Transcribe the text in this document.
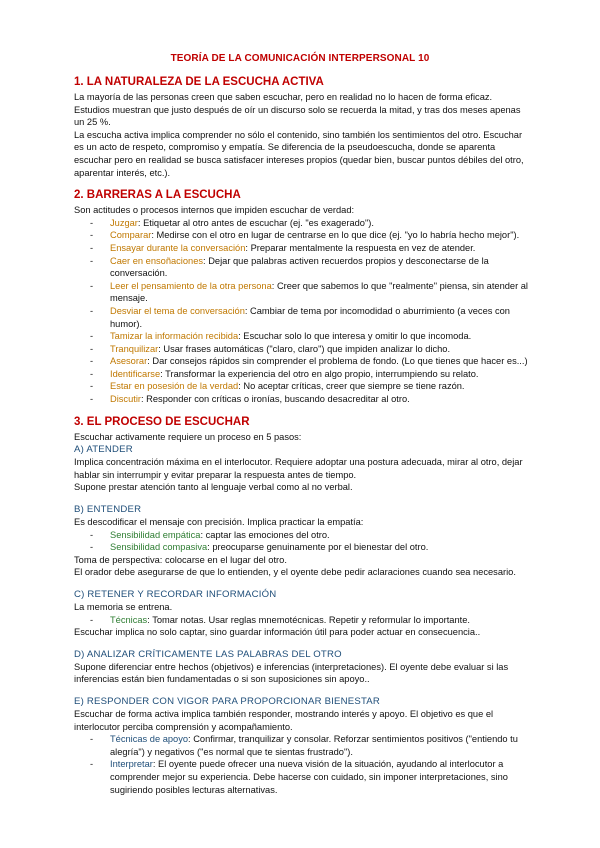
TEORÍA DE LA COMUNICACIÓN INTERPERSONAL 10
1. LA NATURALEZA DE LA ESCUCHA ACTIVA

La mayoría de las personas creen que saben escuchar, pero en realidad no lo hacen de forma eficaz. Estudios muestran que justo después de oír un discurso solo se recuerda la mitad, y tras dos meses apenas un 25 %.

La escucha activa implica comprender no sólo el contenido, sino también los sentimientos del otro. Escuchar es un acto de respeto, compromiso y empatía. Se diferencia de la pseudoescucha, donde se aparenta escuchar pero en realidad se busca satisfacer intereses propios (quedar bien, buscar puntos débiles del otro, aparentar interés, etc.).

2. BARRERAS A LA ESCUCHA

Son actitudes o procesos internos que impiden escuchar de verdad:

- Juzgar: Etiquetar al otro antes de escuchar (ej. "es exagerado").
- Comparar: Medirse con el otro en lugar de centrarse en lo que dice (ej. "yo lo habría hecho mejor").
- Ensayar durante la conversación: Preparar mentalmente la respuesta en vez de atender.
- Caer en ensoñaciones: Dejar que palabras activen recuerdos propios y desconectarse de la conversación.
- Leer el pensamiento de la otra persona: Creer que sabemos lo que "realmente" piensa, sin atender al mensaje.
- Desviar el tema de conversación: Cambiar de tema por incomodidad o aburrimiento (a veces con humor).
- Tamizar la información recibida: Escuchar solo lo que interesa y omitir lo que incomoda.
- Tranquilizar: Usar frases automáticas ("claro, claro") que impiden analizar lo dicho.
- Asesorar: Dar consejos rápidos sin comprender el problema de fondo. (Lo que tienes que hacer es...)
- Identificarse: Transformar la experiencia del otro en algo propio, interrumpiendo su relato.
- Estar en posesión de la verdad: No aceptar críticas, creer que siempre se tiene razón.
- Discutir: Responder con críticas o ironías, buscando desacreditar al otro.
3. EL PROCESO DE ESCUCHAR

Escuchar activamente requiere un proceso en 5 pasos:

A) ATENDER

Implica concentración máxima en el interlocutor. Requiere adoptar una postura adecuada, mirar al otro, dejar hablar sin interrumpir y evitar preparar la respuesta antes de tiempo.

Supone prestar atención tanto al lenguaje verbal como al no verbal.

B) ENTENDER

Es descodificar el mensaje con precisión. Implica practicar la empatía:

- Sensibilidad empática: captar las emociones del otro.
- Sensibilidad compasiva: preocuparse genuinamente por el bienestar del otro.

Toma de perspectiva: colocarse en el lugar del otro.

El orador debe asegurarse de que lo entienden, y el oyente debe pedir aclaraciones cuando sea necesario.

C) RETENER Y RECORDAR INFORMACIÓN

La memoria se entrena.

- Técnicas: Tomar notas. Usar reglas mnemotécnicas. Repetir y reformular lo importante.

Escuchar implica no solo captar, sino guardar información útil para poder actuar en consecuencia..

D) ANALIZAR CRÍTICAMENTE LAS PALABRAS DEL OTRO

Supone diferenciar entre hechos (objetivos) e inferencias (interpretaciones). El oyente debe evaluar si las inferencias están bien fundamentadas o si son suposiciones sin apoyo..

E) RESPONDER CON VIGOR PARA PROPORCIONAR BIENESTAR

Escuchar de forma activa implica también responder, mostrando interés y apoyo. El objetivo es que el interlocutor perciba comprensión y acompañamiento.

- Técnicas de apoyo: Confirmar, tranquilizar y consolar. Reforzar sentimientos positivos ("entiendo tu alegría") y negativos ("es normal que te sientas frustrado").
- Interpretar: El oyente puede ofrecer una nueva visión de la situación, ayudando al interlocutor a comprender mejor su experiencia. Debe hacerse con cuidado, sin imponer interpretaciones, sino sugiriendo posibles lecturas alternativas.
